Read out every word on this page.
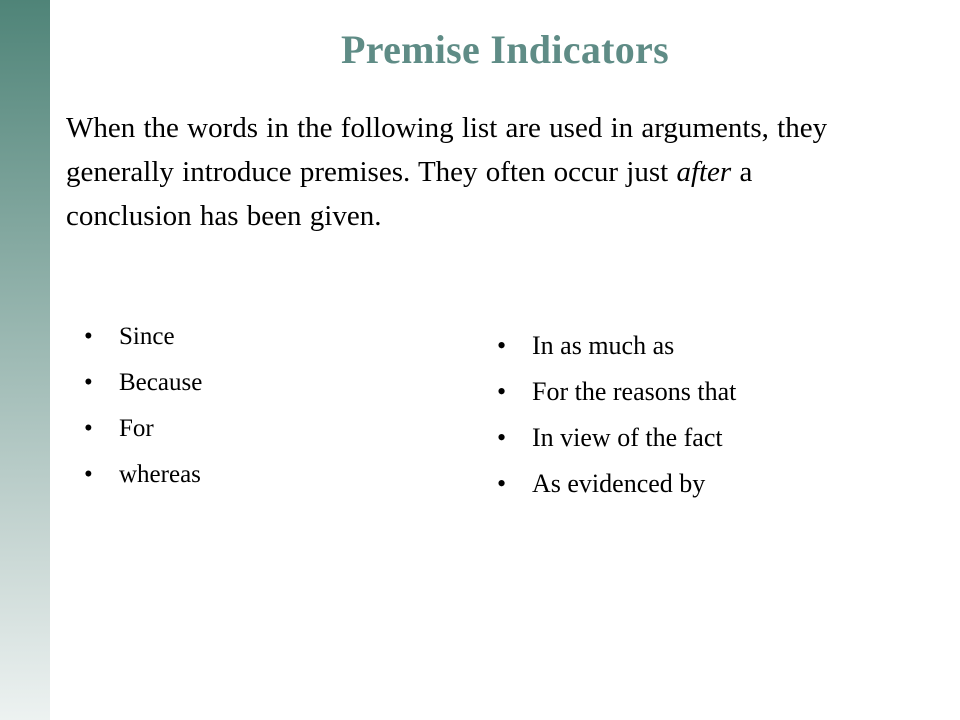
Premise Indicators

When the words in the following list are used in arguments, they generally introduce premises. They often occur just after a conclusion has been given.

• Since
• Because
• For
• whereas
• In as much as
• For the reasons that
• In view of the fact
• As evidenced by
